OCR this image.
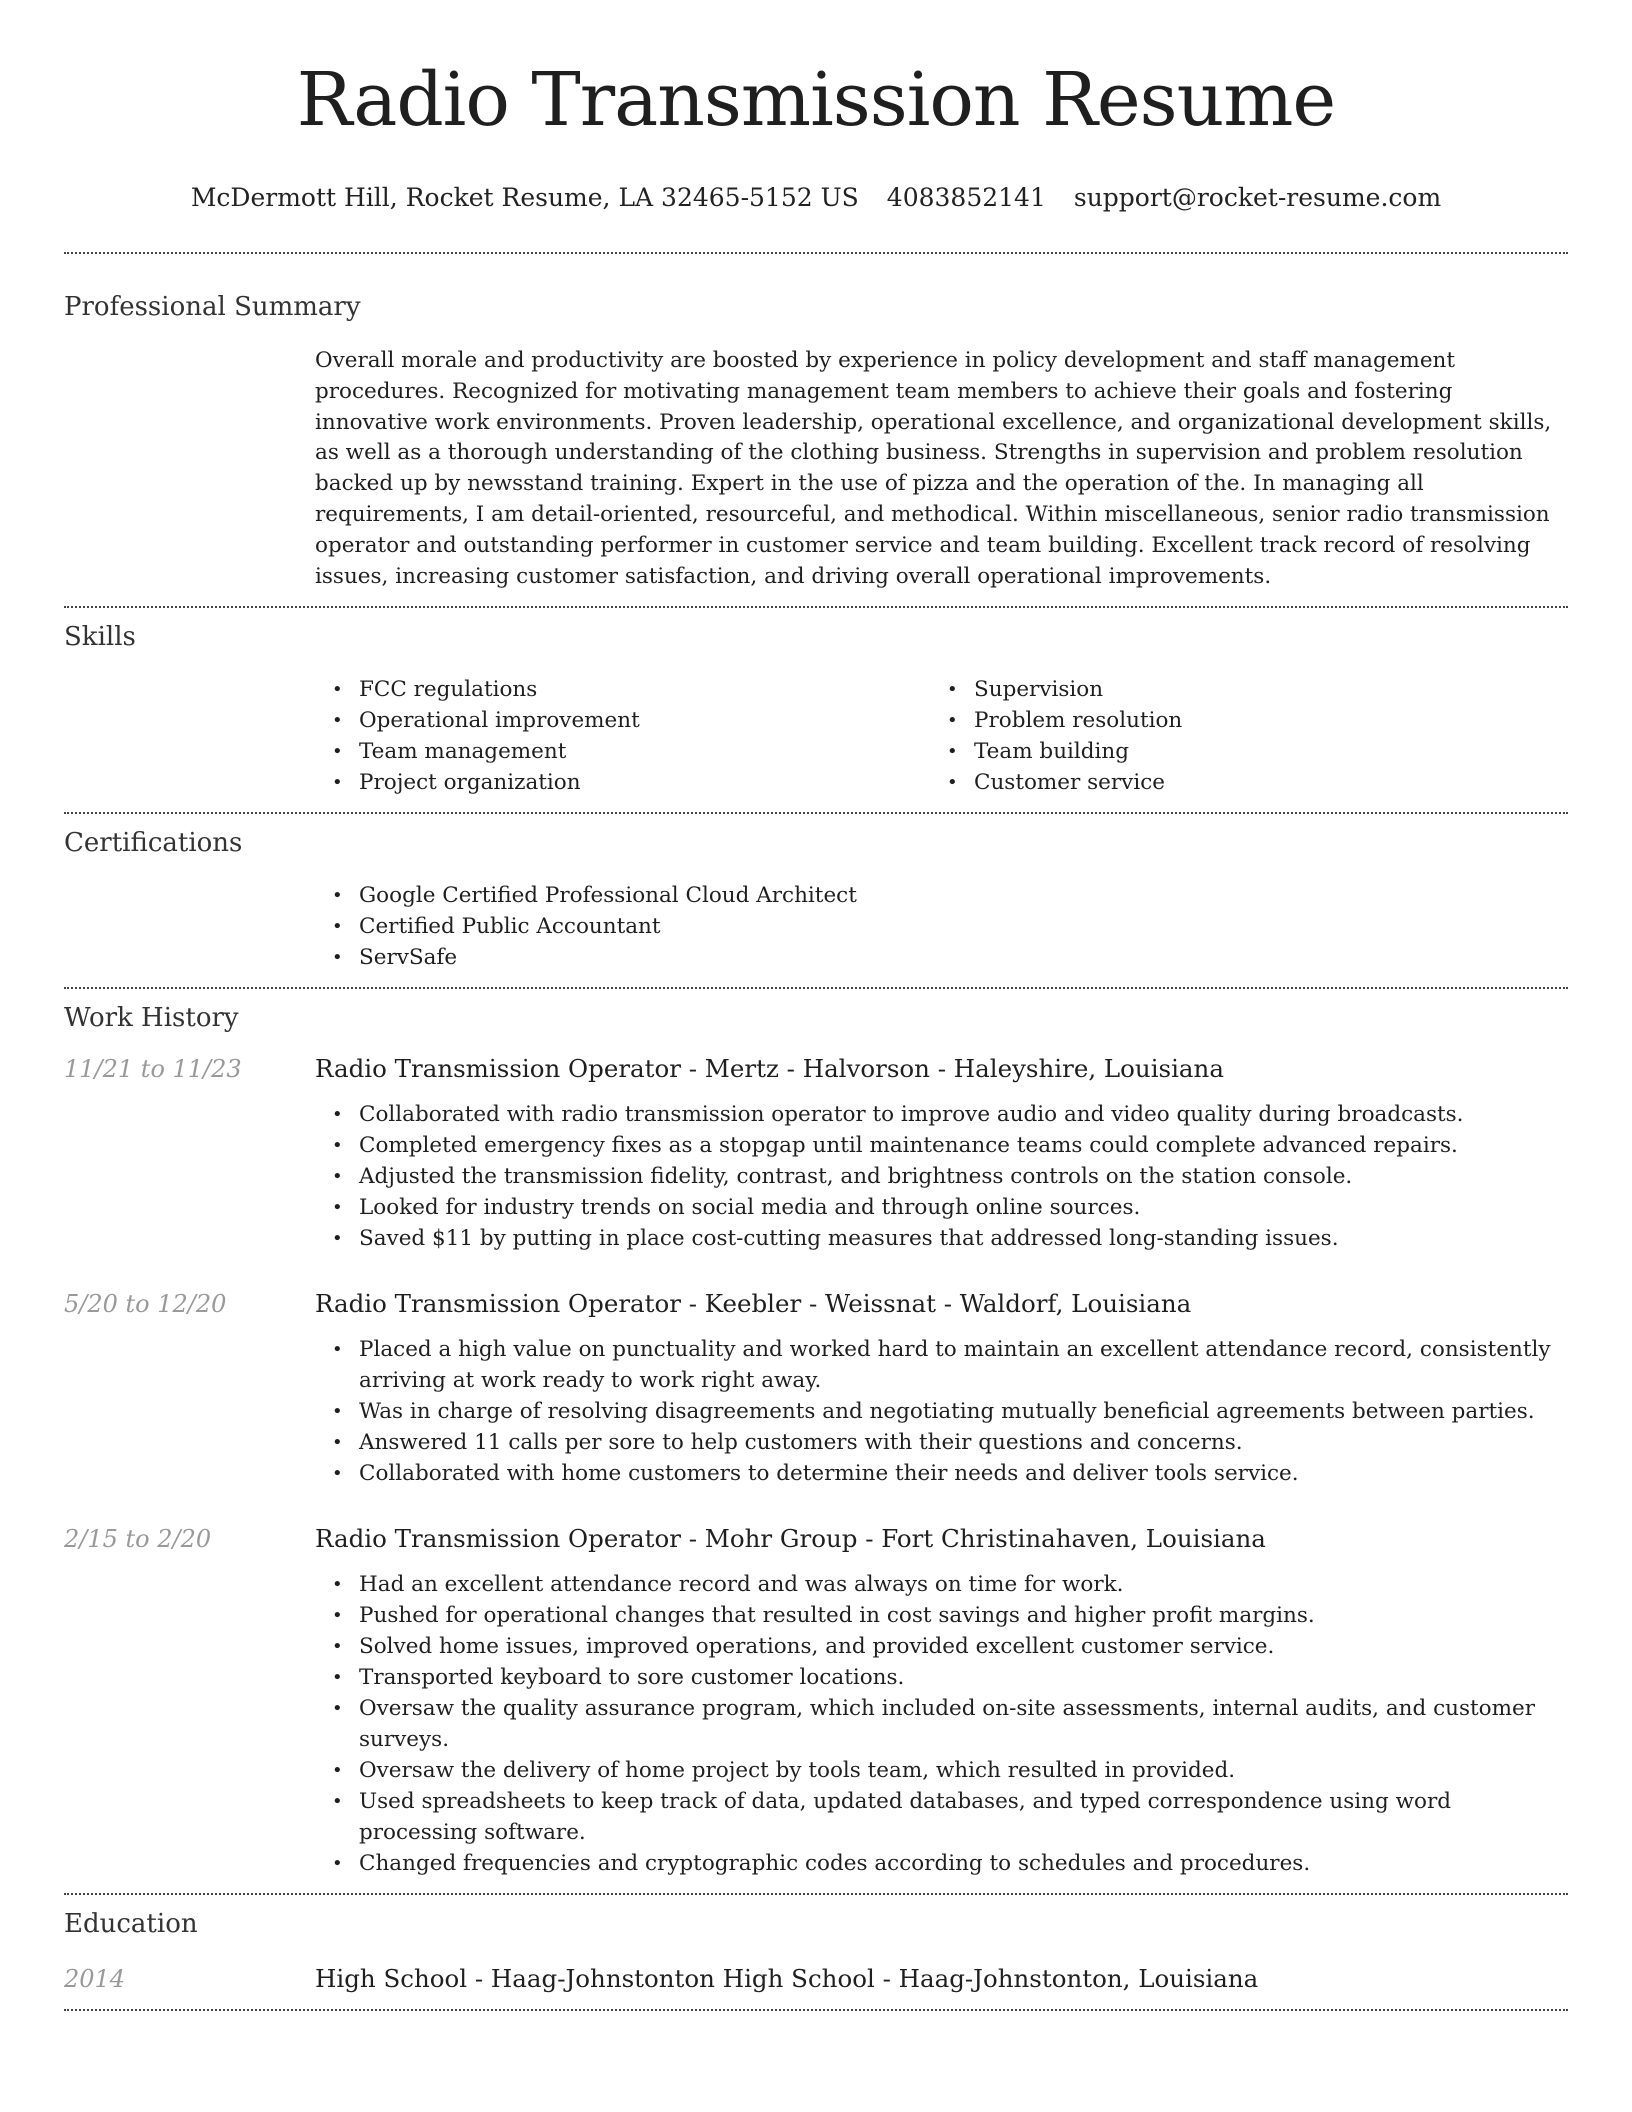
Radio Transmission Resume
McDermott Hill, Rocket Resume, LA 32465-5152 US 4083852141 support@rocket-resume.com
Professional Summary

Overall morale and productivity are boosted by experience in policy development and staff management procedures. Recognized for motivating management team members to achieve their goals and fostering innovative work environments. Proven leadership, operational excellence, and organizational development skills, as well as a thorough understanding of the clothing business. Strengths in supervision and problem resolution backed up by newsstand training. Expert in the use of pizza and the operation of the. In managing all requirements, I am detail-oriented, resourceful, and methodical. Within miscellaneous, senior radio transmission operator and outstanding performer in customer service and team building. Excellent track record of resolving issues, increasing customer satisfaction, and driving overall operational improvements.

Skills
• FCC regulations
• Operational improvement
• Team management
• Project organization
• Supervision
• Problem resolution
• Team building
• Customer service
Certifications
• Google Certified Professional Cloud Architect
• Certified Public Accountant
• ServSafe
Work History
11/21 to 11/23	Radio Transmission Operator - Mertz - Halvorson - Haleyshire, Louisiana
• Collaborated with radio transmission operator to improve audio and video quality during broadcasts.
• Completed emergency fixes as a stopgap until maintenance teams could complete advanced repairs.
• Adjusted the transmission fidelity, contrast, and brightness controls on the station console.
• Looked for industry trends on social media and through online sources.
• Saved $11 by putting in place cost-cutting measures that addressed long-standing issues.
5/20 to 12/20	Radio Transmission Operator - Keebler - Weissnat - Waldorf, Louisiana
• Placed a high value on punctuality and worked hard to maintain an excellent attendance record, consistently arriving at work ready to work right away.
• Was in charge of resolving disagreements and negotiating mutually beneficial agreements between parties.
• Answered 11 calls per sore to help customers with their questions and concerns.
• Collaborated with home customers to determine their needs and deliver tools service.
2/15 to 2/20	Radio Transmission Operator - Mohr Group - Fort Christinahaven, Louisiana
• Had an excellent attendance record and was always on time for work.
• Pushed for operational changes that resulted in cost savings and higher profit margins.
• Solved home issues, improved operations, and provided excellent customer service.
• Transported keyboard to sore customer locations.
• Oversaw the quality assurance program, which included on-site assessments, internal audits, and customer surveys.
• Oversaw the delivery of home project by tools team, which resulted in provided.
• Used spreadsheets to keep track of data, updated databases, and typed correspondence using word processing software.
• Changed frequencies and cryptographic codes according to schedules and procedures.
Education
2014	High School - Haag-Johnstonton High School - Haag-Johnstonton, Louisiana
